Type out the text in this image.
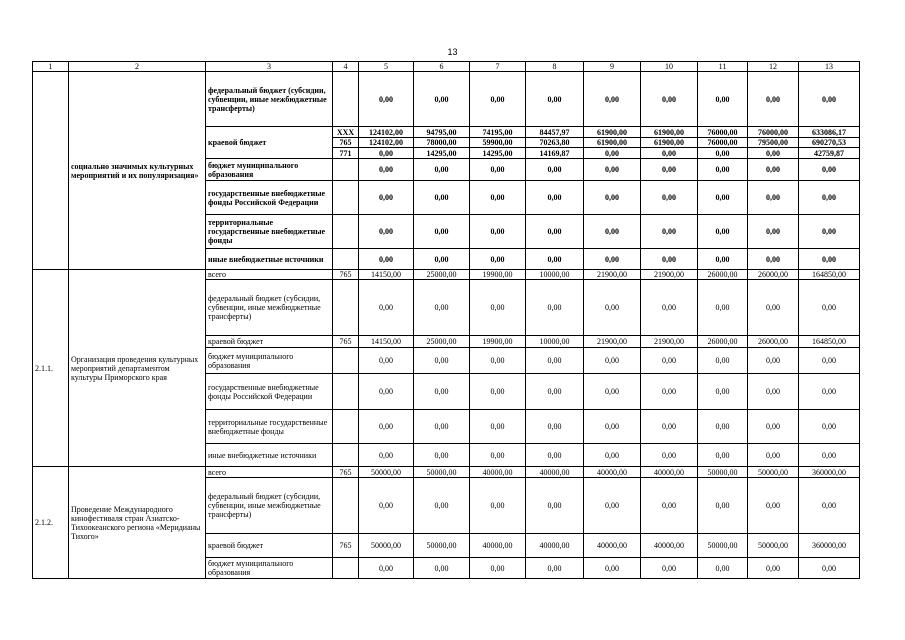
13
1	2	3	4	5	6	7	8	9	10	11	12	13
	социально значимых культурных мероприятий и их популяризация»	федеральный бюджет (субсидии, субвенции, иные межбюджетные трансферты)		0,00	0,00	0,00	0,00	0,00	0,00	0,00	0,00	0,00
		краевой бюджет	XXX	124102,00	94795,00	74195,00	84457,97	61900,00	61900,00	76000,00	76000,00	633086,17
			765	124102,00	78000,00	59900,00	70263,80	61900,00	61900,00	76000,00	79500,00	690270,53
			771	0,00	14295,00	14295,00	14169,87	0,00	0,00	0,00	0,00	42759,87
		бюджет муниципального образования		0,00	0,00	0,00	0,00	0,00	0,00	0,00	0,00	0,00
		государственные внебюджетные фонды Российской Федерации		0,00	0,00	0,00	0,00	0,00	0,00	0,00	0,00	0,00
		территориальные государственные внебюджетные фонды		0,00	0,00	0,00	0,00	0,00	0,00	0,00	0,00	0,00
		иные внебюджетные источники		0,00	0,00	0,00	0,00	0,00	0,00	0,00	0,00	0,00
2.1.1.	Организация проведения культурных мероприятий департаментом культуры Приморского края	всего	765	14150,00	25000,00	19900,00	10000,00	21900,00	21900,00	26000,00	26000,00	164850,00
		федеральный бюджет (субсидии, субвенции, иные межбюджетные трансферты)		0,00	0,00	0,00	0,00	0,00	0,00	0,00	0,00	0,00
		краевой бюджет	765	14150,00	25000,00	19900,00	10000,00	21900,00	21900,00	26000,00	26000,00	164850,00
		бюджет муниципального образования		0,00	0,00	0,00	0,00	0,00	0,00	0,00	0,00	0,00
		государственные внебюджетные фонды Российской Федерации		0,00	0,00	0,00	0,00	0,00	0,00	0,00	0,00	0,00
		территориальные государственные внебюджетные фонды		0,00	0,00	0,00	0,00	0,00	0,00	0,00	0,00	0,00
		иные внебюджетные источники		0,00	0,00	0,00	0,00	0,00	0,00	0,00	0,00	0,00
2.1.2.	Проведение Международного кинофестиваля стран Азиатско-Тихоокеанского региона «Меридианы Тихого»	всего	765	50000,00	50000,00	40000,00	40000,00	40000,00	40000,00	50000,00	50000,00	360000,00
		федеральный бюджет (субсидии, субвенции, иные межбюджетные трансферты)		0,00	0,00	0,00	0,00	0,00	0,00	0,00	0,00	0,00
		краевой бюджет	765	50000,00	50000,00	40000,00	40000,00	40000,00	40000,00	50000,00	50000,00	360000,00
		бюджет муниципального образования		0,00	0,00	0,00	0,00	0,00	0,00	0,00	0,00	0,00
